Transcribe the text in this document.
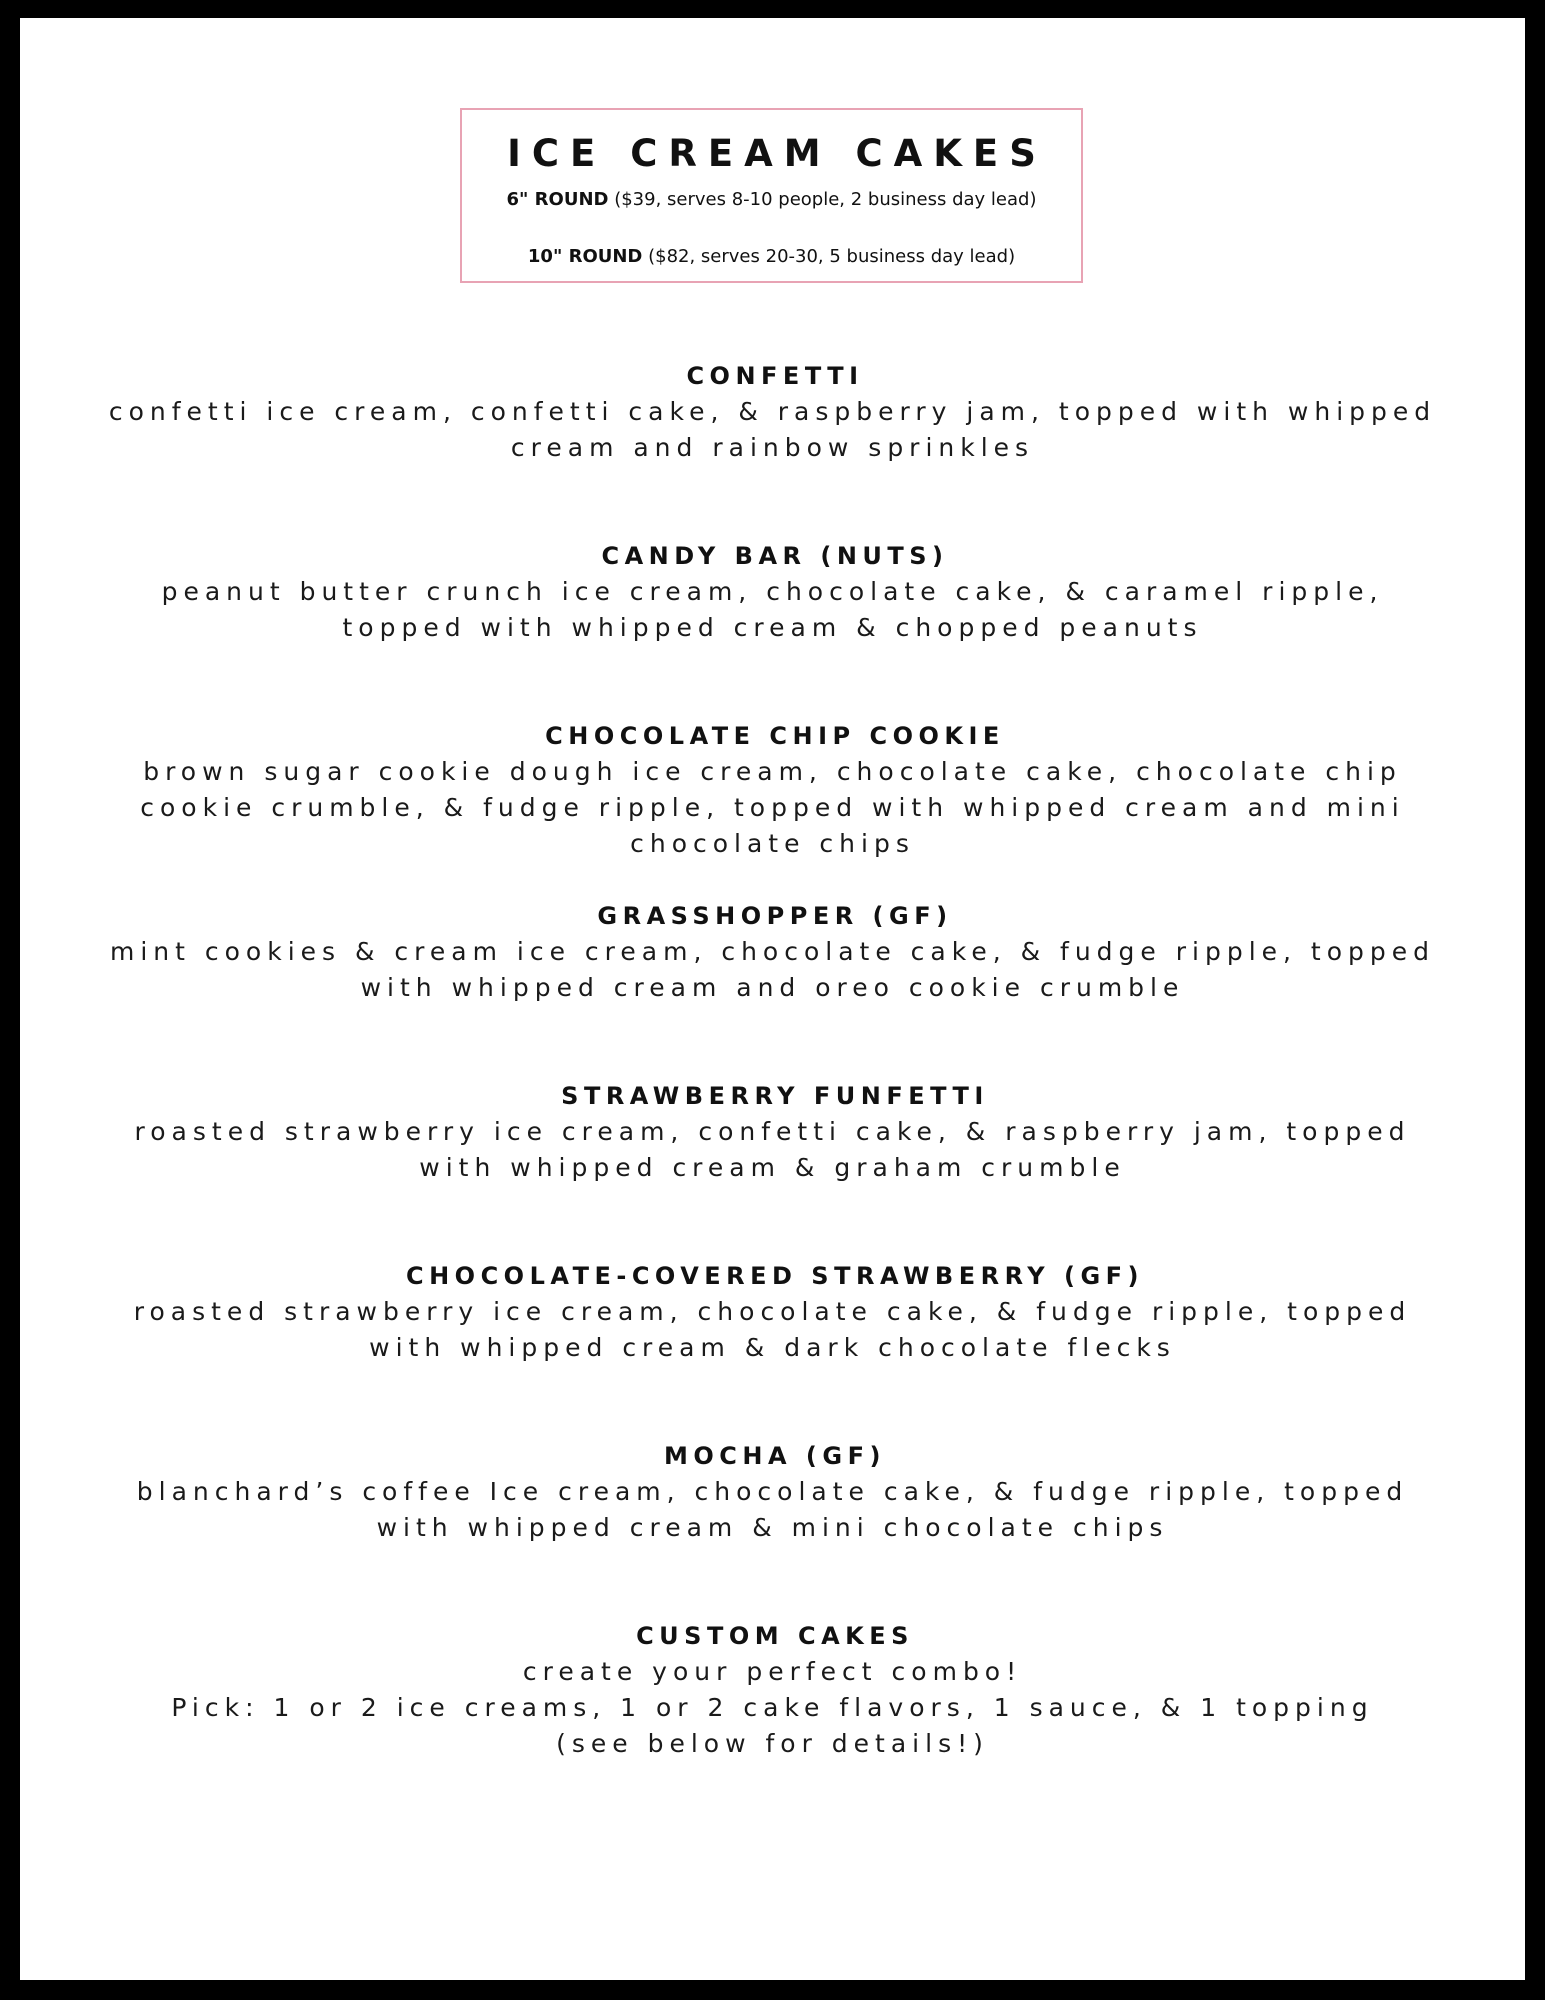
ICE CREAM CAKES
6" ROUND ($39, serves 8-10 people, 2 business day lead)
10" ROUND ($82, serves 20-30, 5 business day lead)
CONFETTI
confetti ice cream, confetti cake, & raspberry jam, topped with whipped cream and rainbow sprinkles
CANDY BAR (NUTS)
peanut butter crunch ice cream, chocolate cake, & caramel ripple, topped with whipped cream & chopped peanuts
CHOCOLATE CHIP COOKIE
brown sugar cookie dough ice cream, chocolate cake, chocolate chip cookie crumble, & fudge ripple, topped with whipped cream and mini chocolate chips
GRASSHOPPER (GF)
mint cookies & cream ice cream, chocolate cake, & fudge ripple, topped with whipped cream and oreo cookie crumble
STRAWBERRY FUNFETTI
roasted strawberry ice cream, confetti cake, & raspberry jam, topped with whipped cream & graham crumble
CHOCOLATE-COVERED STRAWBERRY (GF)
roasted strawberry ice cream, chocolate cake, & fudge ripple, topped with whipped cream & dark chocolate flecks
MOCHA (GF)
blanchard’s coffee Ice cream, chocolate cake, & fudge ripple, topped with whipped cream & mini chocolate chips
CUSTOM CAKES
create your perfect combo!
Pick: 1 or 2 ice creams, 1 or 2 cake flavors, 1 sauce, & 1 topping
(see below for details!)
